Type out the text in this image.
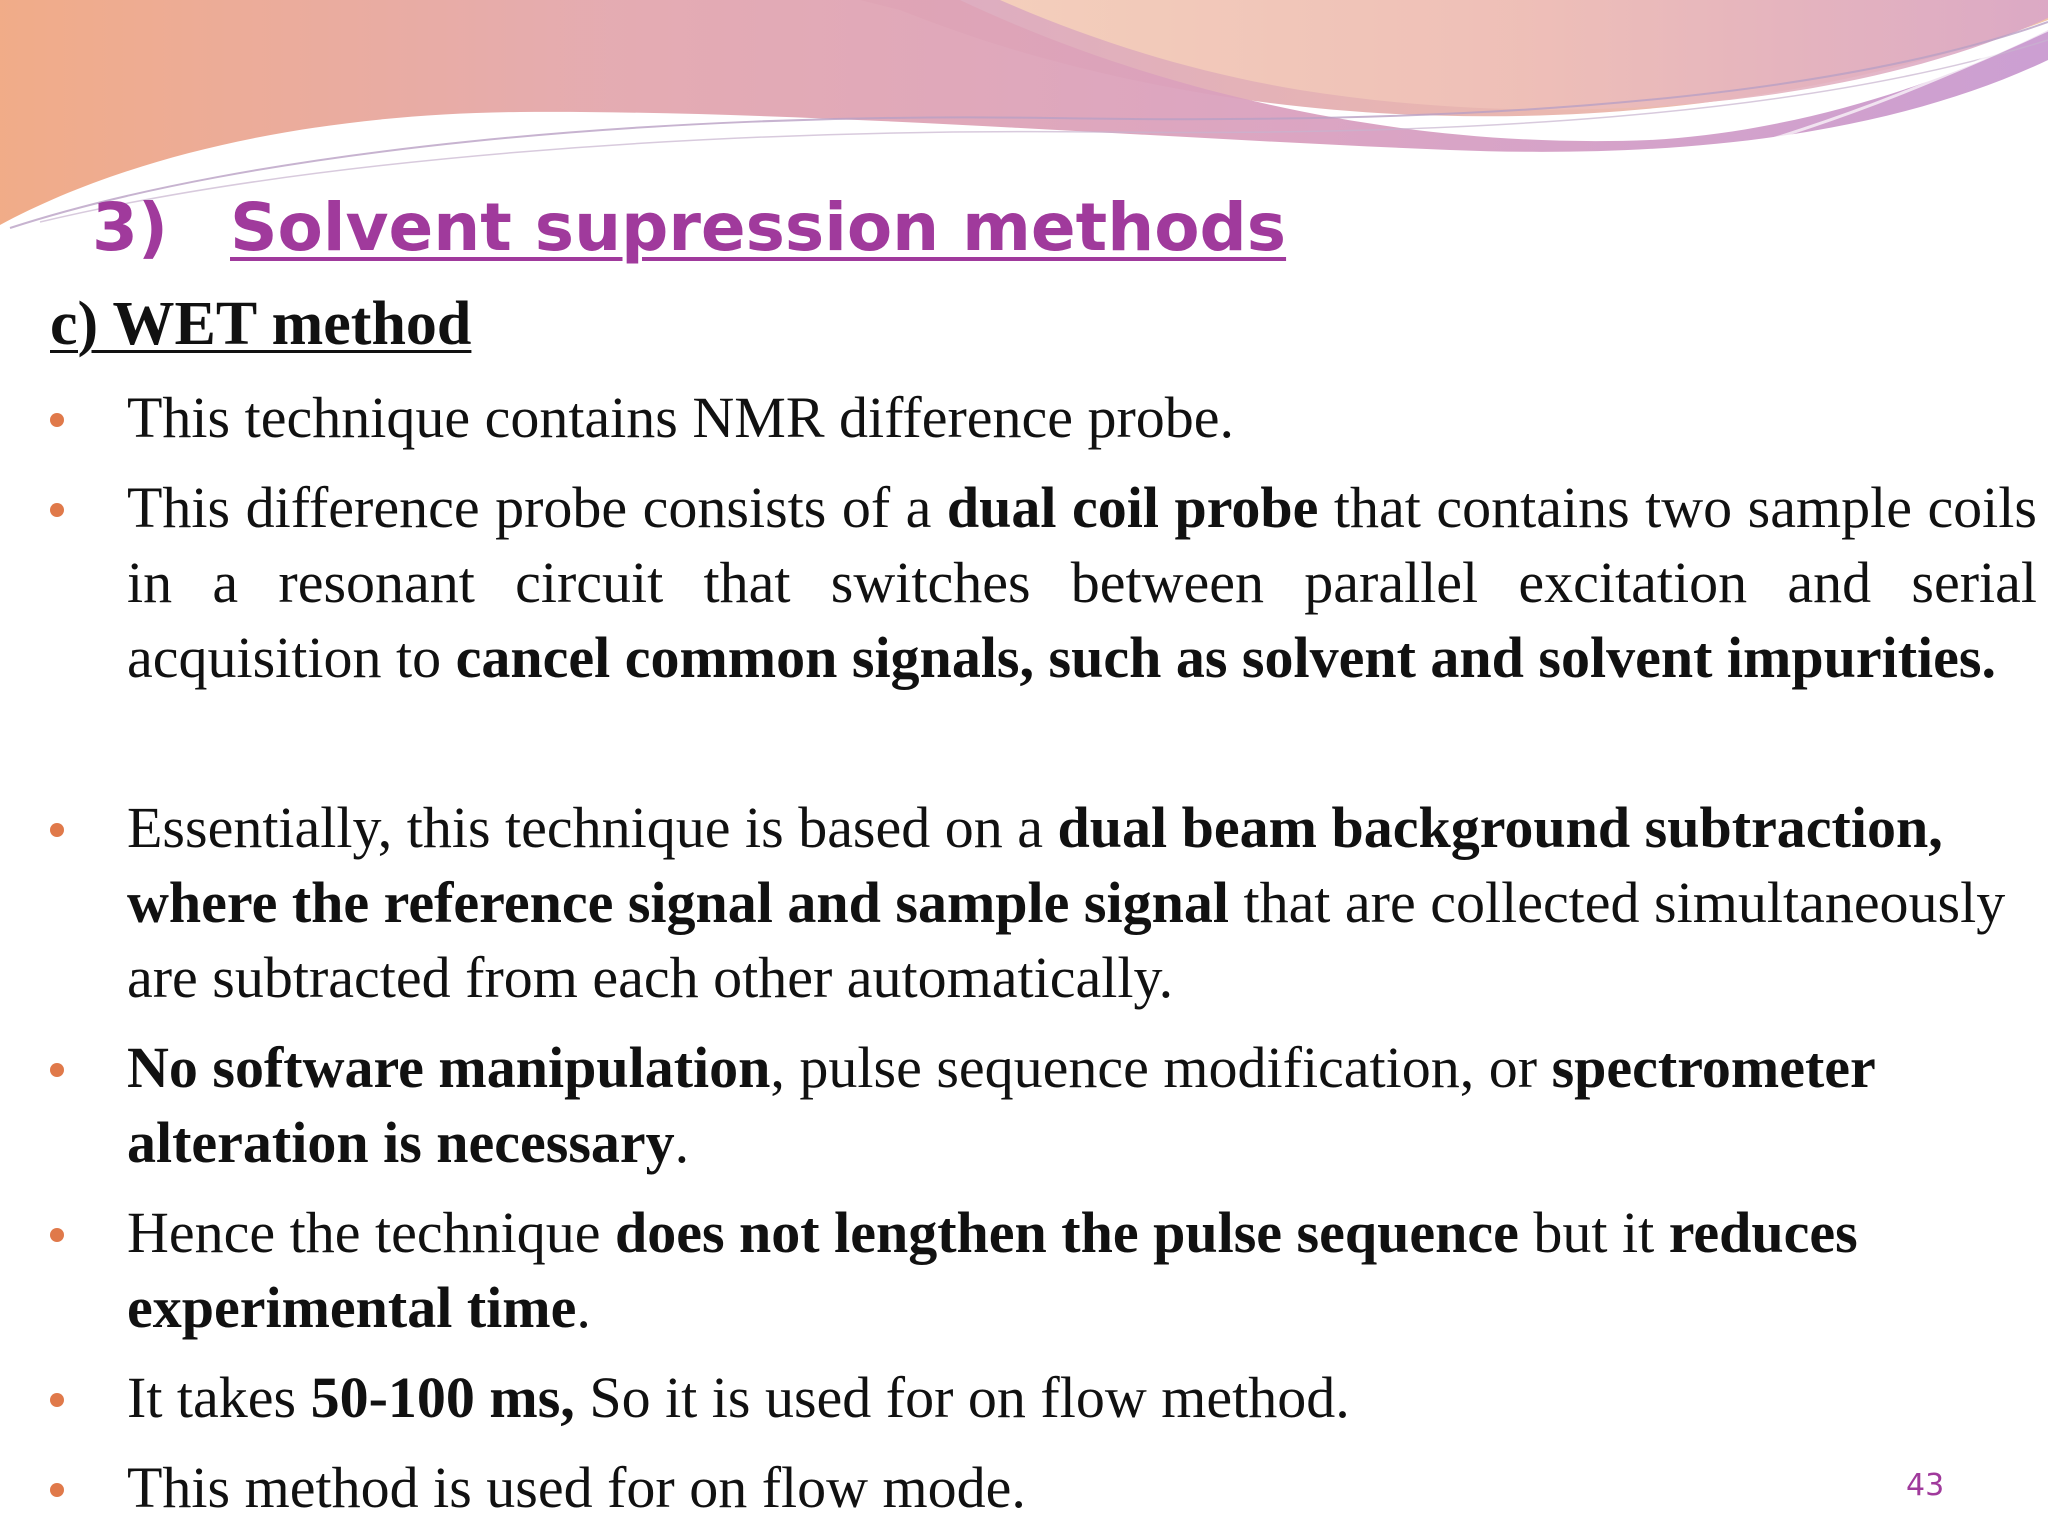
3) Solvent supression methods
c) WET method

This technique contains NMR difference probe.

This difference probe consists of a dual coil probe that contains two sample coils in a resonant circuit that switches between parallel excitation and serial acquisition to cancel common signals, such as solvent and solvent impurities.

Essentially, this technique is based on a dual beam background subtraction, where the reference signal and sample signal that are collected simultaneously are subtracted from each other automatically.

No software manipulation, pulse sequence modification, or spectrometer alteration is necessary.

Hence the technique does not lengthen the pulse sequence but it reduces experimental time.

It takes 50-100 ms, So it is used for on flow method.

This method is used for on flow mode.	43
